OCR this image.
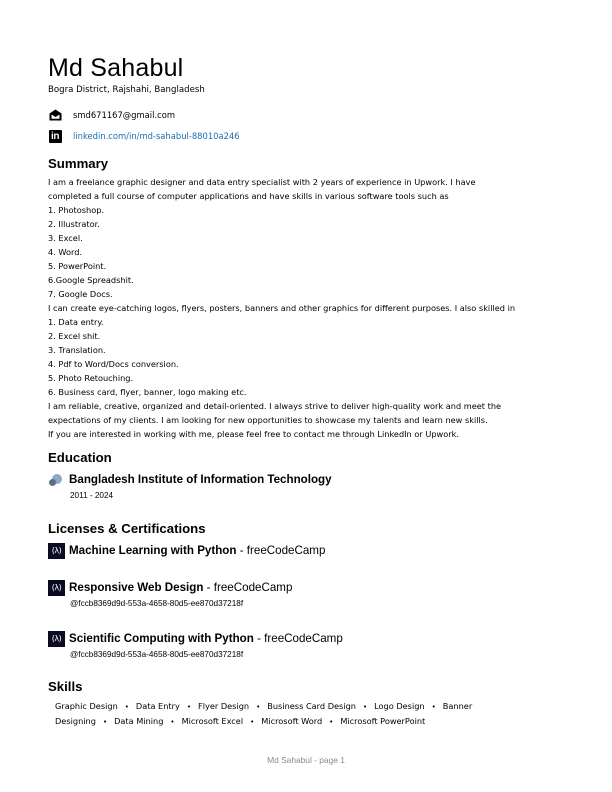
Md Sahabul
Bogra District, Rajshahi, Bangladesh
smd671167@gmail.com
in	linkedin.com/in/md-sahabul-88010a246
Summary
I am a freelance graphic designer and data entry specialist with 2 years of experience in Upwork. I have
completed a full course of computer applications and have skills in various software tools such as
1. Photoshop.
2. Illustrator.
3. Excel.
4. Word.
5. PowerPoint.
6.Google Spreadshit.
7. Google Docs.
I can create eye-catching logos, flyers, posters, banners and other graphics for different purposes. I also skilled in
1. Data entry.
2. Excel shit.
3. Translation.
4. Pdf to Word/Docs conversion.
5. Photo Retouching.
6. Business card, flyer, banner, logo making etc.
I am reliable, creative, organized and detail-oriented. I always strive to deliver high-quality work and meet the
expectations of my clients. I am looking for new opportunities to showcase my talents and learn new skills.
If you are interested in working with me, please feel free to contact me through LinkedIn or Upwork.
Education
Bangladesh Institute of Information Technology
2011 - 2024
Licenses & Certifications
(λ) Machine Learning with Python - freeCodeCamp
(λ) Responsive Web Design - freeCodeCamp
@fccb8369d9d-553a-4658-80d5-ee870d37218f
(λ) Scientific Computing with Python - freeCodeCamp
@fccb8369d9d-553a-4658-80d5-ee870d37218f
Skills
Graphic Design • Data Entry • Flyer Design • Business Card Design • Logo Design • Banner
Designing • Data Mining • Microsoft Excel • Microsoft Word • Microsoft PowerPoint
Md Sahabul - page 1
